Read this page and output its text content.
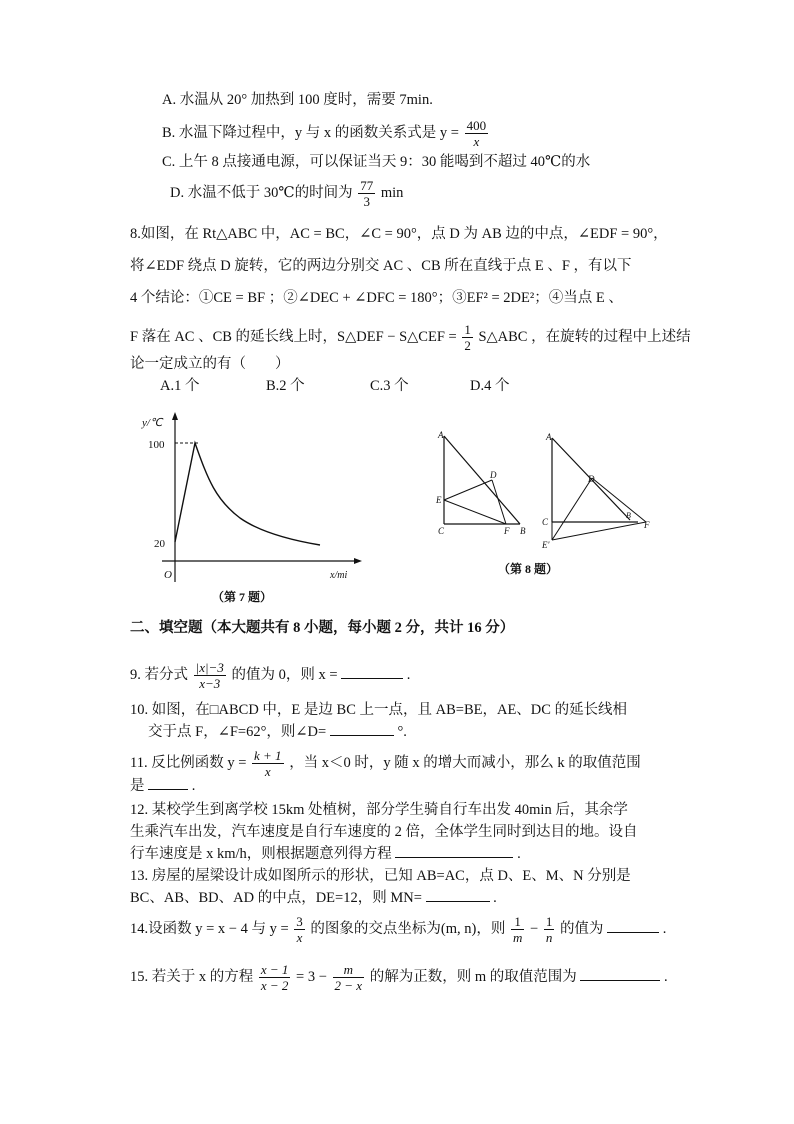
A. 水温从 20° 加热到 100 度时，需要 7min.
B. 水温下降过程中，y 与 x 的函数关系式是 $y = \frac{400}{x}$
C. 上午 8 点接通电源，可以保证当天 9：30 能喝到不超过 40℃的水
D. 水温不低于 30℃的时间为 $\frac{77}{3}$ min
8.如图，在 Rt△ABC 中，AC = BC，∠C = 90°，点 D 为 AB 边的中点，∠EDF = 90°，
将∠EDF 绕点 D 旋转，它的两边分别交 AC 、CB 所在直线于点 E 、F ，有以下
4 个结论：①CE = BF ；②∠DEC + ∠DFC = 180°；③EF² = 2DE²；④当点 E 、
F 落在 AC 、CB 的延长线上时，S△DEF − S△CEF = $\frac{1}{2}$ S△ABC ，在旋转的过程中上述结
论一定成立的有（　　）
A.1 个	B.2 个	C.3 个	D.4 个
y/℃
x/mi
O
100
20
（第 7 题）
A
D
E
C	F B
A
D
C
B
F
E'
（第 8 题）
二、填空题（本大题共有 8 小题，每小题 2 分，共计 16 分）
9. 若分式 $\frac{|x|-3}{x-3}$ 的值为 0，则 x =	.
10. 如图，在□ABCD 中，E 是边 BC 上一点，且 AB=BE，AE、DC 的延长线相
交于点 F，∠F=62°，则∠D=	°.
11. 反比例函数 $y = \frac{k + 1}{x}$ ，当 x＜0 时，y 随 x 的增大而减小，那么 k 的取值范围
是	.
12. 某校学生到离学校 15km 处植树，部分学生骑自行车出发 40min 后，其余学
生乘汽车出发，汽车速度是自行车速度的 2 倍，全体学生同时到达目的地。设自
行车速度是 x km/h，则根据题意列得方程	.
13. 房屋的屋梁设计成如图所示的形状，已知 AB=AC，点 D、E、M、N 分别是
BC、AB、BD、AD 的中点，DE=12，则 MN=	.
14.设函数 y = x − 4 与 $y = \frac{3}{x}$ 的图象的交点坐标为(m, n)，则 $\frac{1}{m} - \frac{1}{n}$ 的值为	.
15. 若关于 x 的方程 $\frac{x - 1}{x - 2} = 3 - \frac{m}{2 - x}$ 的解为正数，则 m 的取值范围为	.
